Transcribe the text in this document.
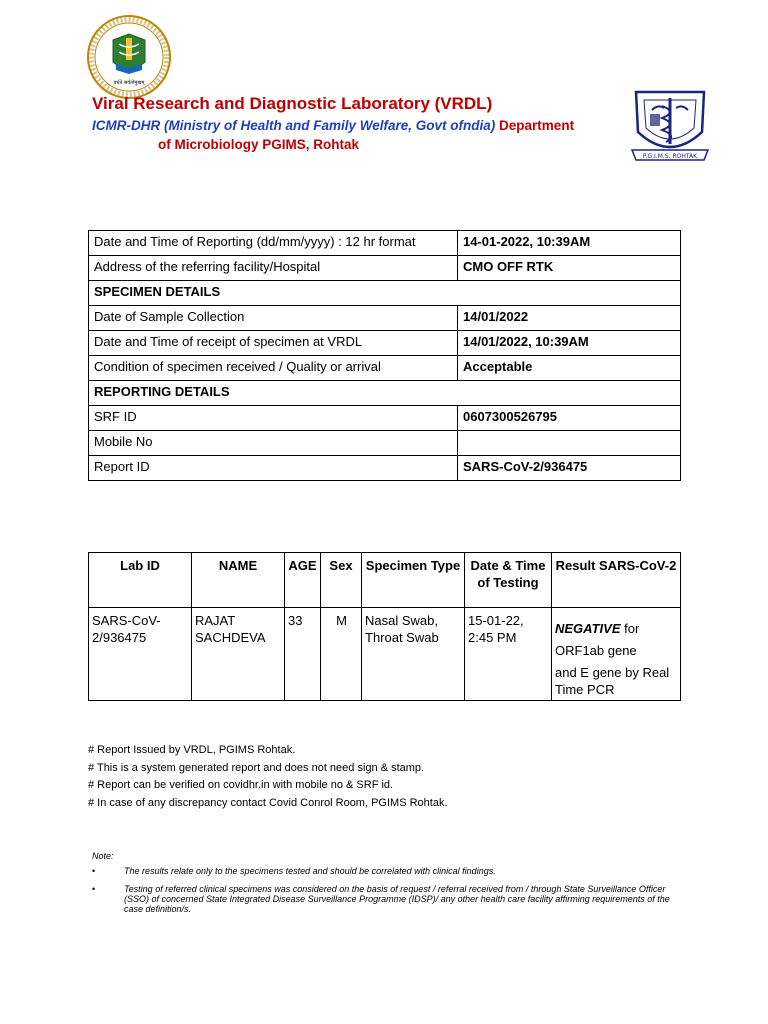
वर्धते सर्वतोमुखम्
P.G.I.M.S. ROHTAK
Viral Research and Diagnostic Laboratory (VRDL)
ICMR-DHR (Ministry of Health and Family Welfare, Govt ofndia) Department
of Microbiology PGIMS, Rohtak
Date and Time of Reporting (dd/mm/yyyy) : 12 hr format	14-01-2022, 10:39AM
Address of the referring facility/Hospital	CMO OFF RTK
SPECIMEN DETAILS	
Date of Sample Collection	14/01/2022
Date and Time of receipt of specimen at VRDL	14/01/2022, 10:39AM
Condition of specimen received / Quality or arrival	Acceptable
REPORTING DETAILS	
SRF ID	0607300526795
Mobile No	
Report ID	SARS-CoV-2/936475
Lab ID	NAME	AGE	Sex	Specimen Type	Date & Time of Testing	Result SARS-CoV-2
SARS-CoV-2/936475	RAJAT SACHDEVA	33	M	Nasal Swab, Throat Swab	15-01-22, 2:45 PM	NEGATIVE for
ORF1ab gene
and E gene by Real Time PCR
# Report Issued by VRDL, PGIMS Rohtak.
# This is a system generated report and does not need sign & stamp.
# Report can be verified on covidhr.in with mobile no & SRF id.
# In case of any discrepancy contact Covid Conrol Room, PGIMS Rohtak.
Note:
•	The results relate only to the specimens tested and should be correlated with clinical findings.
•	Testing of referred clinical specimens was considered on the basis of request / referral received from / through State Surveillance Officer (SSO) of concerned State Integrated Disease Surveillance Programme (IDSP)/ any other health care facility affirming requirements of the case definition/s.
